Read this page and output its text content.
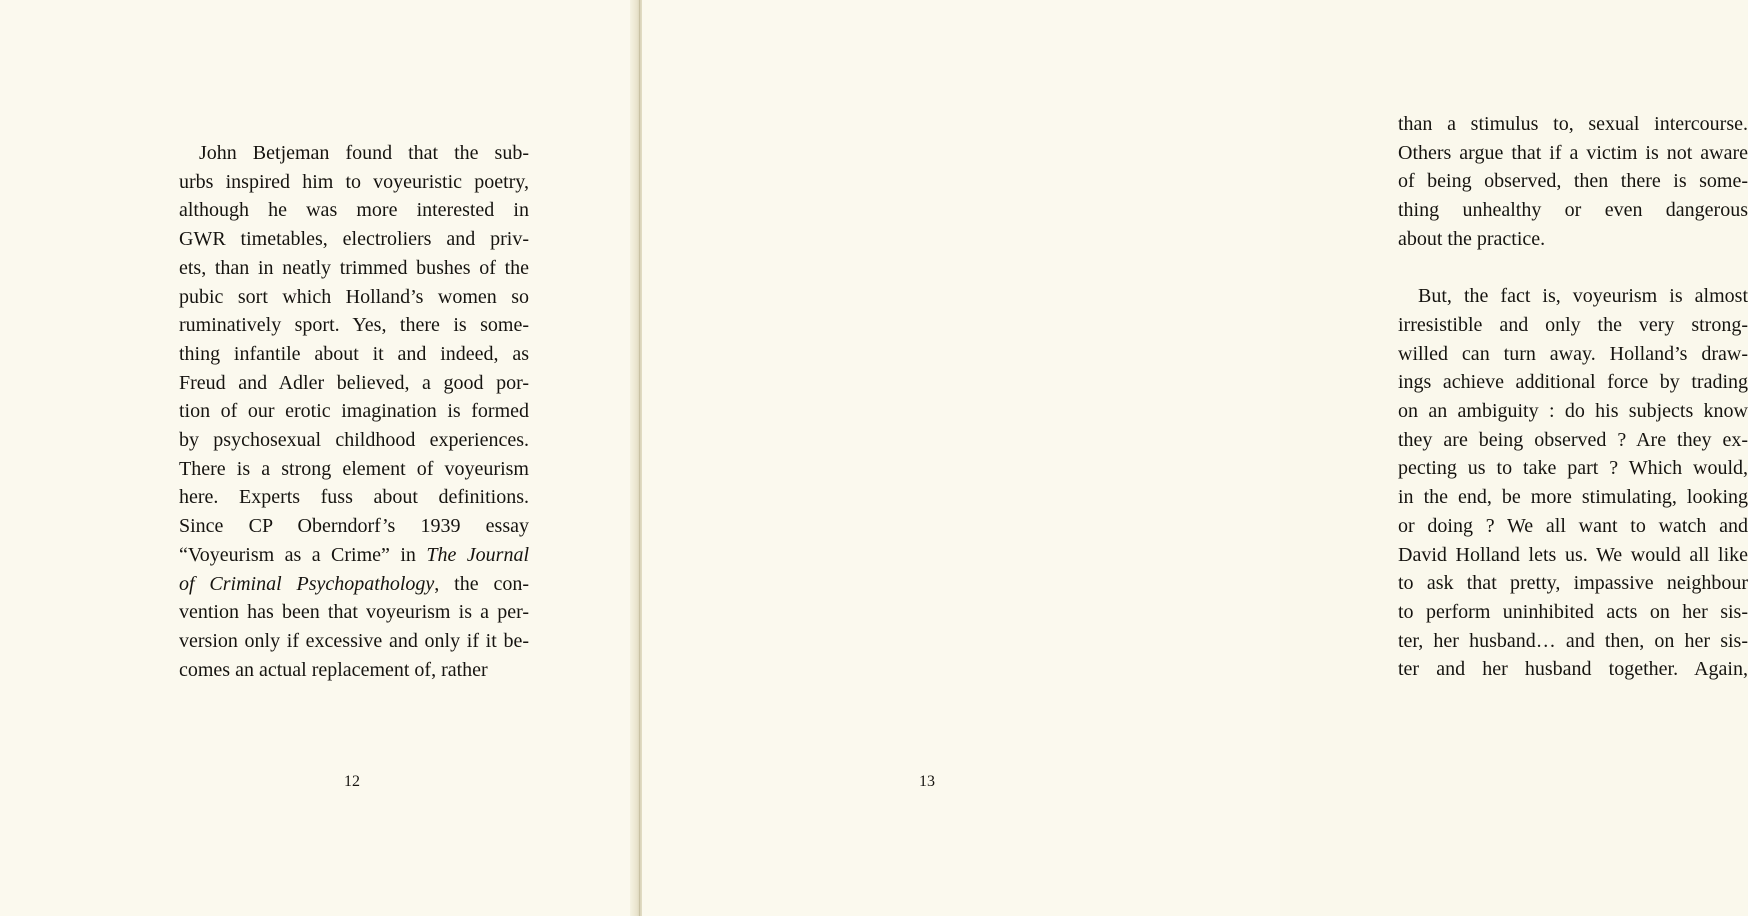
 John Betjeman found that the sub-
urbs inspired him to voyeuristic poetry,
although he was more interested in
GWR timetables, electroliers and priv-
ets, than in neatly trimmed bushes of the
pubic sort which Holland’s women so
ruminatively sport. Yes, there is some-
thing infantile about it and indeed, as
Freud and Adler believed, a good por-
tion of our erotic imagination is formed
by psychosexual childhood experiences.
There is a strong element of voyeurism
here. Experts fuss about definitions.
Since CP Oberndorf’s 1939 essay
“Voyeurism as a Crime” in The Journal
of Criminal Psychopathology, the con-
vention has been that voyeurism is a per-
version only if excessive and only if it be-
comes an actual replacement of, rather
12
than a stimulus to, sexual intercourse.
Others argue that if a victim is not aware
of being observed, then there is some-
thing unhealthy or even dangerous
about the practice.
 But, the fact is, voyeurism is almost
irresistible and only the very strong-
willed can turn away. Holland’s draw-
ings achieve additional force by trading
on an ambiguity : do his subjects know
they are being observed ? Are they ex-
pecting us to take part ? Which would,
in the end, be more stimulating, looking
or doing ? We all want to watch and
David Holland lets us. We would all like
to ask that pretty, impassive neighbour
to perform uninhibited acts on her sis-
ter, her husband… and then, on her sis-
ter and her husband together. Again,
13
